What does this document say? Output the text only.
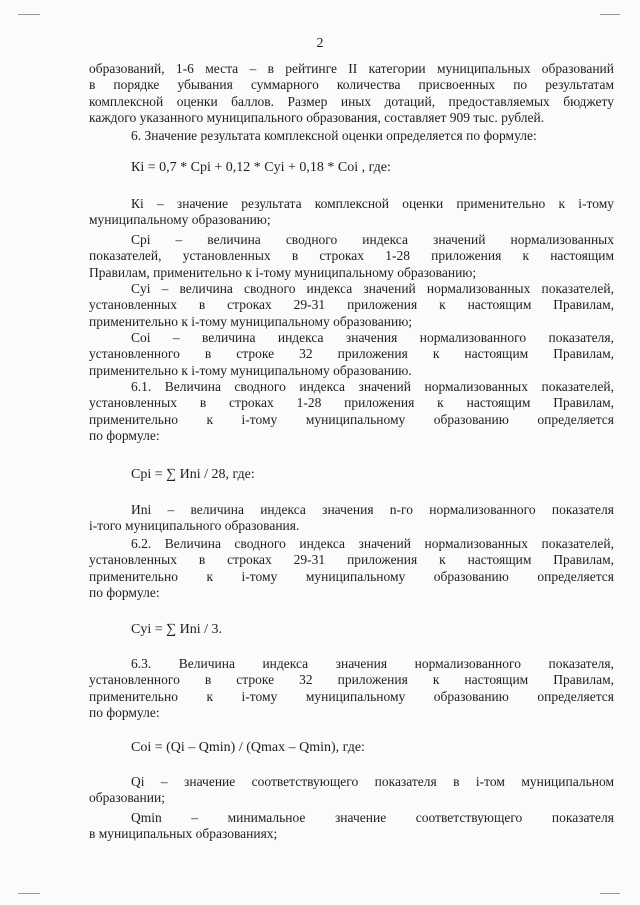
2
образований, 1-6 места – в рейтинге II категории муниципальных образований
в порядке убывания суммарного количества присвоенных по результатам
комплексной оценки баллов. Размер иных дотаций, предоставляемых бюджету
каждого указанного муниципального образования, составляет 909 тыс. рублей.
6. Значение результата комплексной оценки определяется по формуле:
Кi = 0,7 * Сpi + 0,12 * Сyi + 0,18 * Сoi , где:
Кi – значение результата комплексной оценки применительно к i-тому
муниципальному образованию;
Сpi – величина сводного индекса значений нормализованных
показателей, установленных в строках 1-28 приложения к настоящим
Правилам, применительно к i-тому муниципальному образованию;
Сyi – величина сводного индекса значений нормализованных показателей,
установленных в строках 29-31 приложения к настоящим Правилам,
применительно к i-тому муниципальному образованию;
Сoi – величина индекса значения нормализованного показателя,
установленного в строке 32 приложения к настоящим Правилам,
применительно к i-тому муниципальному образованию.
6.1. Величина сводного индекса значений нормализованных показателей,
установленных в строках 1-28 приложения к настоящим Правилам,
применительно к i-тому муниципальному образованию определяется
по формуле:
Сpi = ∑ Иni / 28, где:
Иni – величина индекса значения n-го нормализованного показателя
i-того муниципального образования.
6.2. Величина сводного индекса значений нормализованных показателей,
установленных в строках 29-31 приложения к настоящим Правилам,
применительно к i-тому муниципальному образованию определяется
по формуле:
Сyi = ∑ Иni / 3.
6.3. Величина индекса значения нормализованного показателя,
установленного в строке 32 приложения к настоящим Правилам,
применительно к i-тому муниципальному образованию определяется
по формуле:
Сoi = (Qi – Qmin) / (Qmax – Qmin), где:
Qi – значение соответствующего показателя в i-том муниципальном
образовании;
Qmin – минимальное значение соответствующего показателя
в муниципальных образованиях;
